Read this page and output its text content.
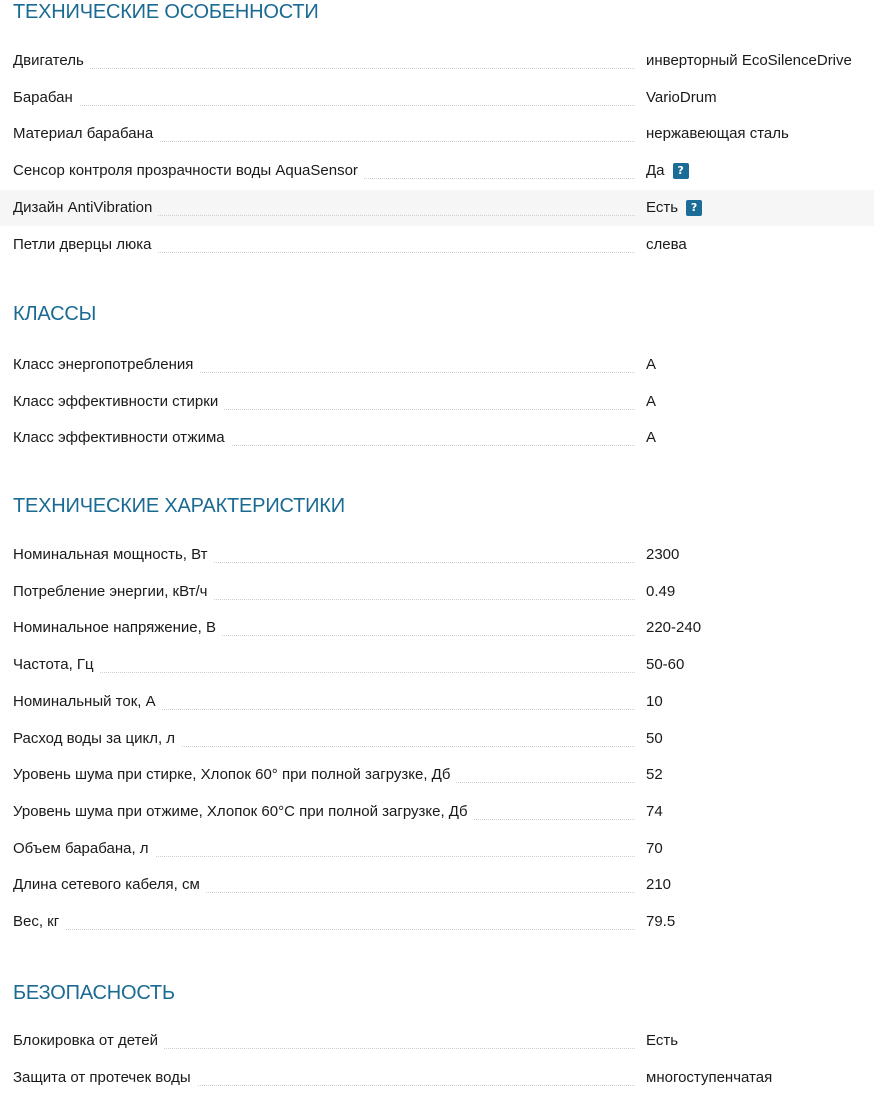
ТЕХНИЧЕСКИЕ ОСОБЕННОСТИ
Двигатель	инверторный EcoSilenceDrive
Барабан	VarioDrum
Материал барабана	нержавеющая сталь
Сенсор контроля прозрачности воды AquaSensor	Да ?
Дизайн AntiVibration	Есть ?
Петли дверцы люка	слева
КЛАССЫ
Класс энергопотребления	A
Класс эффективности стирки	A
Класс эффективности отжима	A
ТЕХНИЧЕСКИЕ ХАРАКТЕРИСТИКИ
Номинальная мощность, Вт	2300
Потребление энергии, кВт/ч	0.49
Номинальное напряжение, В	220-240
Частота, Гц	50-60
Номинальный ток, А	10
Расход воды за цикл, л	50
Уровень шума при стирке, Хлопок 60° при полной загрузке, Дб	52
Уровень шума при отжиме, Хлопок 60°С при полной загрузке, Дб	74
Объем барабана, л	70
Длина сетевого кабеля, см	210
Вес, кг	79.5
БЕЗОПАСНОСТЬ
Блокировка от детей	Есть
Защита от протечек воды	многоступенчатая
